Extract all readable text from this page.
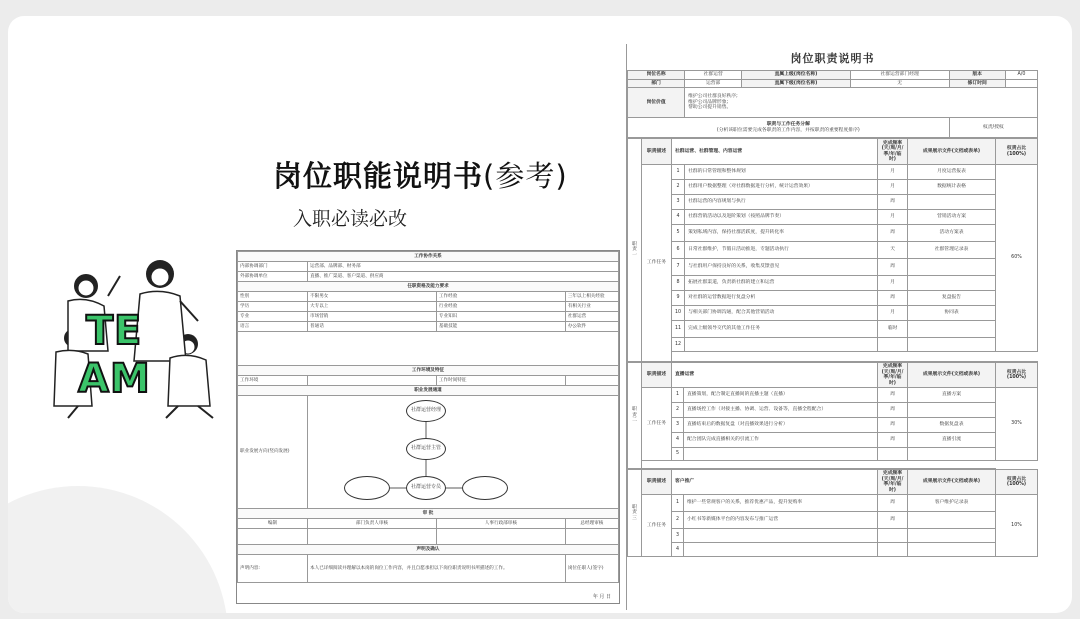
T E
A M
岗位职能说明书(参考)
入职必读必改
工作协作关系			
内部协调部门	运营部、品牌部、财务部		
外部协调单位	直播、推广渠道、客户渠道、供应商		
任职资格及能力要求			
性别	不限男女	工作经验	三年以上相关经验
学历	大专以上	行业经验	有相关行业
专业	市场营销	专业知识	社群运营
语言	普通话	基础技能	办公软件

工作环境及特征			
工作环境		工作时间特征	
职业发展通道			
职业发展方向(竖向发展)	社群运营经理
社群运营主管
社群运营专员		

审 批			
编制	部门负责人审核	人事行政部审核	总经理审核

声明及确认			
声明内容:	本人已详细阅读并理解以本岗的岗位工作内容，并且自愿承担以下岗位职责说明书所描述的工作。		岗位任职人(签字)
年 月 日
岗位职责说明书
岗位名称	社群运营	直属上级(岗位名称)	社群运营部门经理	版本	A/0
部门	运营部	直属下级(岗位名称)	无	修订时间	
岗位价值	维护公司社群良好秩序;
维护公司品牌形象;
帮助公司提升销售。				

职责与工作任务分解
(分析该职位需要完成各职责的工作内容，并按职责的重要程度排序)				权责/授权	
职责一	职责描述	社群运营、社群管理、内容运营		完成频率(天/周/月/季/年/临时)	成果展示文件(文档或表单)	权责占比(100%)
	工作任务	1	社群的日常管理和整体规划	月	月度运营报表	60%
		2	社群用户数据整理（对社群数据进行分析，统计运营效果）	月	数据统计表格	
		3	社群运营的内容规划与执行	周		
		4	社群营销活动以及进阶策划（按照品牌节奏）	月	营销活动方案	
		5	策划私域内容，保持社群活跃度，提升转化率	周	活动方案表	
		6	日常社群维护，节假日活动推进，专题活动执行	天	社群管理记录表	
		7	与社群用户保持良好的关系，收集反馈意见	周		
		8	拓展社群渠道，负责新社群的建立和运营	月		
		9	对社群的运营数据进行复盘分析	周	复盘报告	
		10	与相关部门协调沟通，配合其他营销活动	月	协同表	
		11	完成上级领导交代的其他工作任务	临时		
		12				

职责二	职责描述	直播运营		完成频率(天/周/月/季/年/临时)	成果展示文件(文档或表单)	权责占比(100%)
	工作任务	1	直播策划，配合制定直播间的直播主题（直播）	周	直播方案	30%
		2	直播场控工作（对接主播、协调、运营、设备等，直播全程配合）	周		
		3	直播结束后的数据复盘（对直播效果进行分析）	周	数据复盘表	
		4	配合团队完成直播相关的引流工作	周	直播引流	
		5				

职责三	职责描述	客户推广		完成频率(天/周/月/季/年/临时)	成果展示文件(文档或表单)	权责占比(100%)
	工作任务	1	维护一些常规客户的关系，推荐优惠产品，提升复购率	周	客户维护记录表	10%
		2	小红书等新媒体平台的内容发布与推广运营	周		
		3				
		4				
